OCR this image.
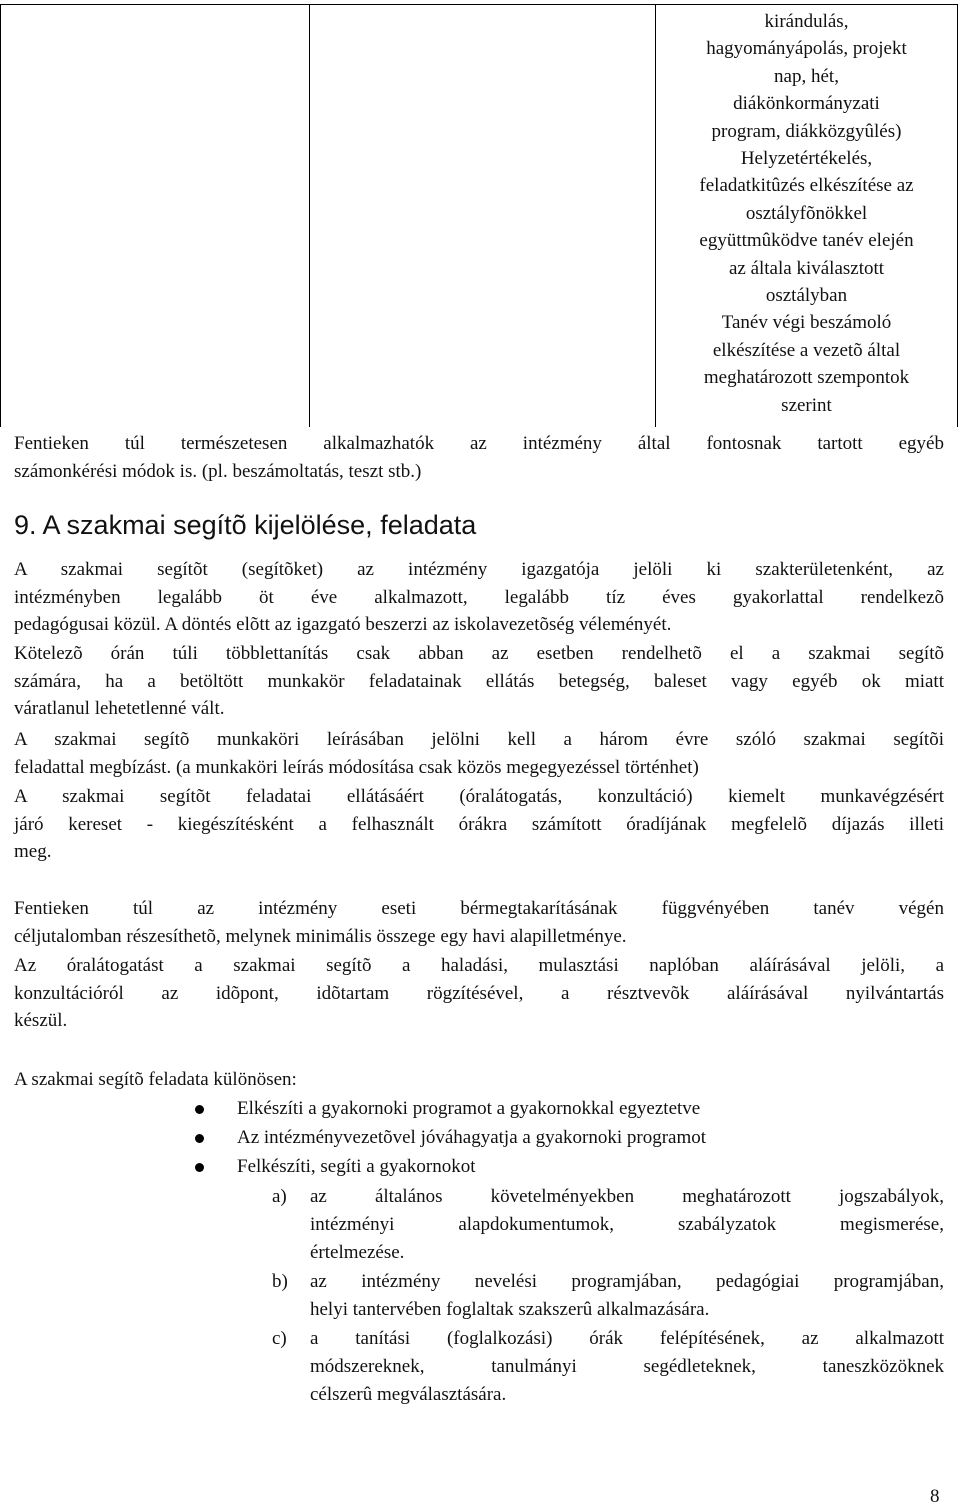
kirándulás,
hagyományápolás, projekt
nap, hét,
diákönkormányzati
program, diákközgyûlés)
Helyzetértékelés,
feladatkitûzés elkészítése az
osztályfõnökkel
együttmûködve tanév elején
az általa kiválasztott
osztályban
Tanév végi beszámoló
elkészítése a vezetõ által
meghatározott szempontok
szerint
Fentieken túl természetesen alkalmazhatók az intézmény által fontosnak tartott egyéb
számonkérési módok is. (pl. beszámoltatás, teszt stb.)
9. A szakmai segítõ kijelölése, feladata
A szakmai segítõt (segítõket) az intézmény igazgatója jelöli ki szakterületenként, az
intézményben legalább öt éve alkalmazott, legalább tíz éves gyakorlattal rendelkezõ
pedagógusai közül. A döntés elõtt az igazgató beszerzi az iskolavezetõség véleményét.
Kötelezõ órán túli többlettanítás csak abban az esetben rendelhetõ el a szakmai segítõ
számára, ha a betöltött munkakör feladatainak ellátás betegség, baleset vagy egyéb ok miatt
váratlanul lehetetlenné vált.
A szakmai segítõ munkaköri leírásában jelölni kell a három évre szóló szakmai segítõi
feladattal megbízást. (a munkaköri leírás módosítása csak közös megegyezéssel történhet)
A szakmai segítõt feladatai ellátásáért (óralátogatás, konzultáció) kiemelt munkavégzésért
járó kereset - kiegészítésként a felhasznált órákra számított óradíjának megfelelõ díjazás illeti
meg.
Fentieken túl az intézmény eseti bérmegtakarításának függvényében tanév végén
céljutalomban részesíthetõ, melynek minimális összege egy havi alapilletménye.
Az óralátogatást a szakmai segítõ a haladási, mulasztási naplóban aláírásával jelöli, a
konzultációról az idõpont, idõtartam rögzítésével, a résztvevõk aláírásával nyilvántartás
készül.
A szakmai segítõ feladata különösen:
Elkészíti a gyakornoki programot a gyakornokkal egyeztetve
Az intézményvezetõvel jóváhagyatja a gyakornoki programot
Felkészíti, segíti a gyakornokot
a) az általános követelményekben meghatározott jogszabályok,
intézményi alapdokumentumok, szabályzatok megismerése,
értelmezése.
b) az intézmény nevelési programjában, pedagógiai programjában,
helyi tantervében foglaltak szakszerû alkalmazására.
c) a tanítási (foglalkozási) órák felépítésének, az alkalmazott
módszereknek, tanulmányi segédleteknek, taneszközöknek
célszerû megválasztására.
8
